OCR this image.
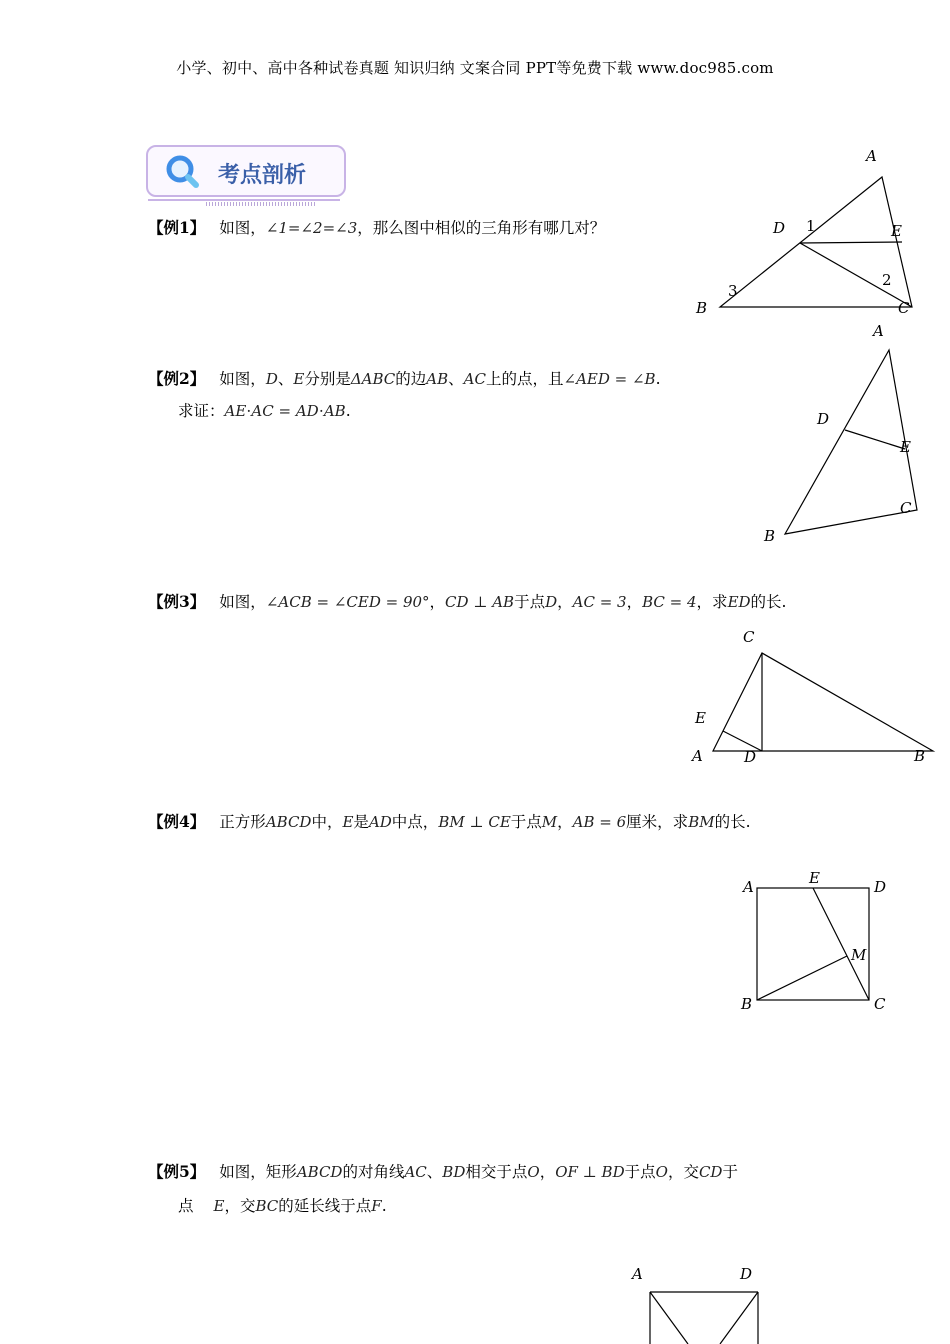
小学、初中、高中各种试卷真题 知识归纳 文案合同 PPT等免费下载 www.doc985.com
考点剖析
【例1】 如图，∠1=∠2=∠3，那么图中相似的三角形有哪几对？
A
D	E
B	C
1
2
3
【例2】 如图，D、E分别是ΔABC的边AB、AC上的点，且∠AED = ∠B.
求证：AE⋅AC = AD⋅AB.
A
D
E
C
B
【例3】 如图，∠ACB = ∠CED = 90°，CD ⊥ AB于点D，AC = 3，BC = 4，求ED的长.
C
E
A	D	B
【例4】 正方形ABCD中，E是AD中点，BM ⊥ CE于点M，AB = 6厘米，求BM的长.
A	E	D
M
B	C
【例5】 如图，矩形ABCD的对角线AC、BD相交于点O，OF ⊥ BD于点O，交CD于
点 E，交BC的延长线于点F.
A	D
